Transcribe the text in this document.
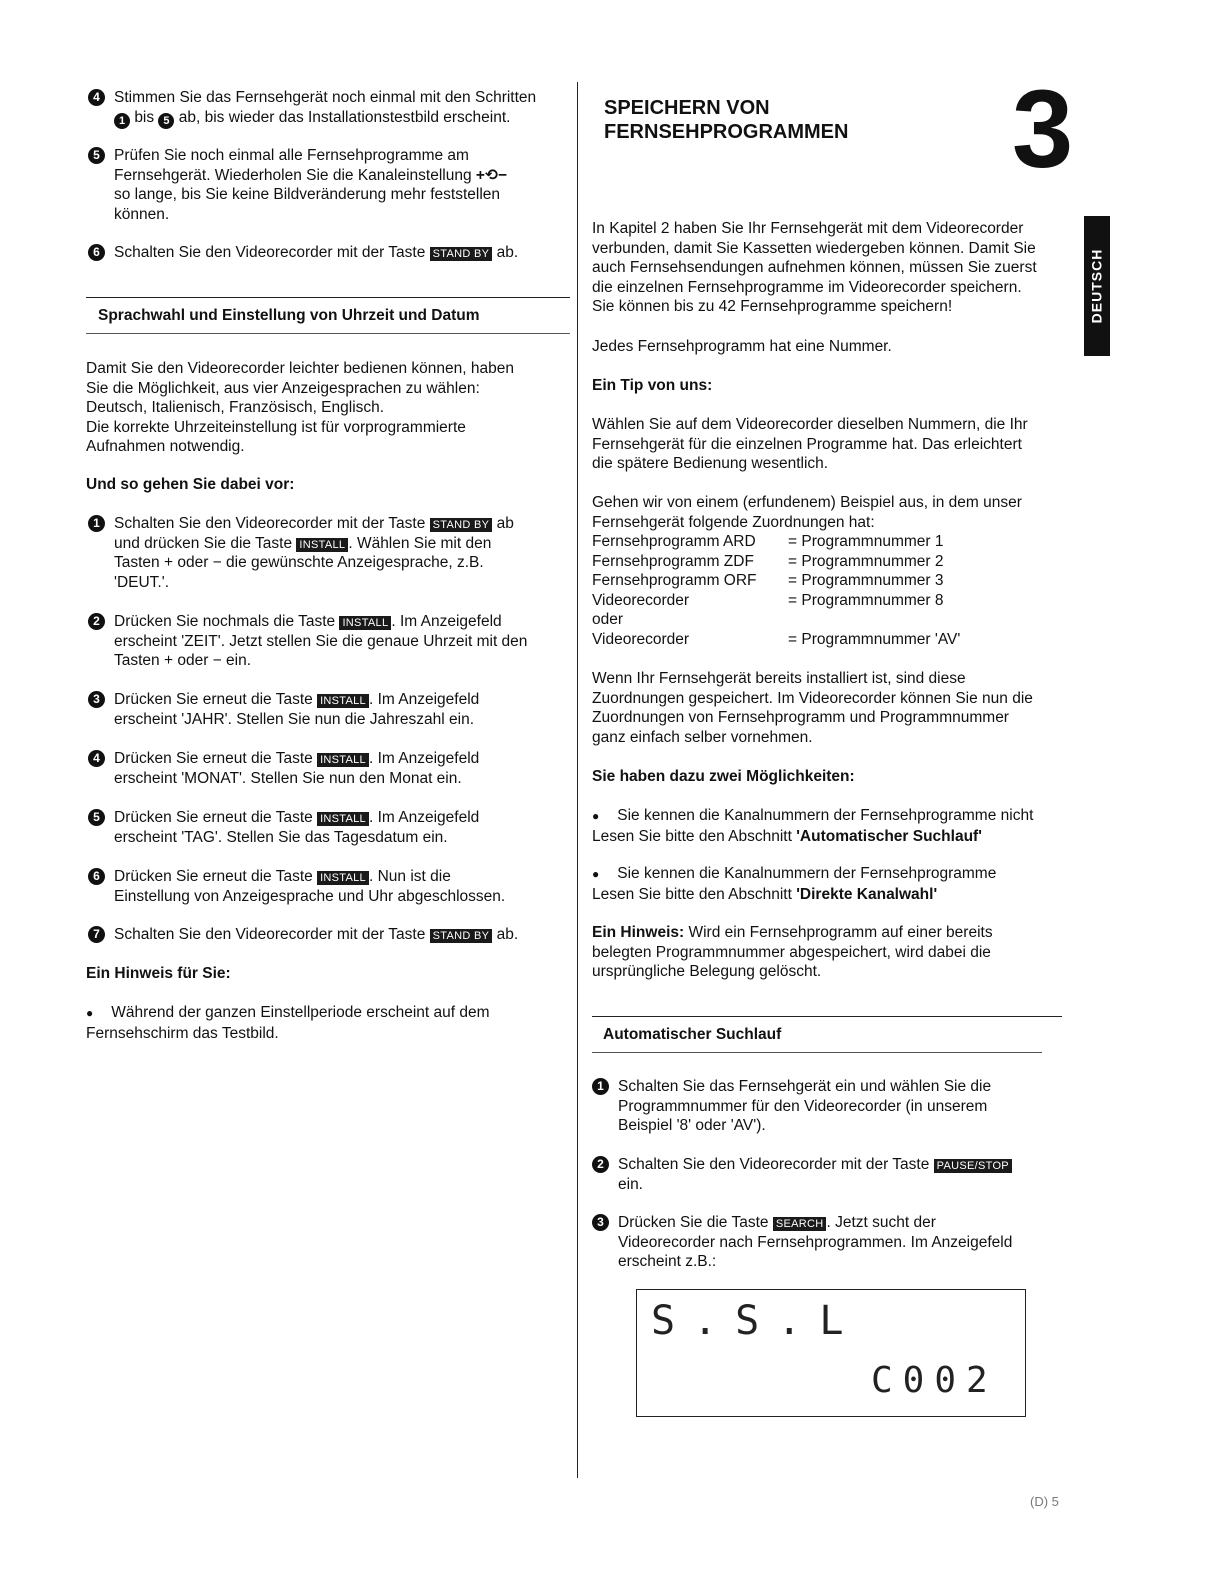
4 Stimmen Sie das Fernsehgerät noch einmal mit den Schritten

1 bis 5 ab, bis wieder das Installationstestbild erscheint.

5 Prüfen Sie noch einmal alle Fernsehprogramme am

Fernsehgerät. Wiederholen Sie die Kanaleinstellung +⟲−

so lange, bis Sie keine Bildveränderung mehr feststellen

können.

6 Schalten Sie den Videorecorder mit der Taste STAND BY ab.

Sprachwahl und Einstellung von Uhrzeit und Datum

Damit Sie den Videorecorder leichter bedienen können, haben

Sie die Möglichkeit, aus vier Anzeigesprachen zu wählen:

Deutsch, Italienisch, Französisch, Englisch.

Die korrekte Uhrzeiteinstellung ist für vorprogrammierte

Aufnahmen notwendig.

Und so gehen Sie dabei vor:
1 Schalten Sie den Videorecorder mit der Taste STAND BY ab

und drücken Sie die Taste INSTALL . Wählen Sie mit den

Tasten + oder − die gewünschte Anzeigesprache, z.B.

'DEUT.'.

2 Drücken Sie nochmals die Taste INSTALL . Im Anzeigefeld

erscheint 'ZEIT'. Jetzt stellen Sie die genaue Uhrzeit mit den

Tasten + oder − ein.

3 Drücken Sie erneut die Taste INSTALL . Im Anzeigefeld

erscheint 'JAHR'. Stellen Sie nun die Jahreszahl ein.

4 Drücken Sie erneut die Taste INSTALL . Im Anzeigefeld

erscheint 'MONAT'. Stellen Sie nun den Monat ein.

5 Drücken Sie erneut die Taste INSTALL . Im Anzeigefeld

erscheint 'TAG'. Stellen Sie das Tagesdatum ein.

6 Drücken Sie erneut die Taste INSTALL . Nun ist die

Einstellung von Anzeigesprache und Uhr abgeschlossen.

7 Schalten Sie den Videorecorder mit der Taste STAND BY ab.

Ein Hinweis für Sie:

● Während der ganzen Einstellperiode erscheint auf dem

Fernsehschirm das Testbild.

SPEICHERN VON

FERNSEHPROGRAMMEN 3
DEUTSCH

In Kapitel 2 haben Sie Ihr Fernsehgerät mit dem Videorecorder

verbunden, damit Sie Kassetten wiedergeben können. Damit Sie

auch Fernsehsendungen aufnehmen können, müssen Sie zuerst

die einzelnen Fernsehprogramme im Videorecorder speichern.

Sie können bis zu 42 Fernsehprogramme speichern!

Jedes Fernsehprogramm hat eine Nummer.
Ein Tip von uns:

Wählen Sie auf dem Videorecorder dieselben Nummern, die Ihr

Fernsehgerät für die einzelnen Programme hat. Das erleichtert

die spätere Bedienung wesentlich.

Gehen wir von einem (erfundenem) Beispiel aus, in dem unser

Fernsehgerät folgende Zuordnungen hat:

Fernsehprogramm ARD = Programmnummer 1
Fernsehprogramm ZDF = Programmnummer 2
Fernsehprogramm ORF = Programmnummer 3
Videorecorder	= Programmnummer 8
oder
Videorecorder	= Programmnummer 'AV'

Wenn Ihr Fernsehgerät bereits installiert ist, sind diese

Zuordnungen gespeichert. Im Videorecorder können Sie nun die

Zuordnungen von Fernsehprogramm und Programmnummer

ganz einfach selber vornehmen.

Sie haben dazu zwei Möglichkeiten:

● Sie kennen die Kanalnummern der Fernsehprogramme nicht

Lesen Sie bitte den Abschnitt 'Automatischer Suchlauf'

● Sie kennen die Kanalnummern der Fernsehprogramme

Lesen Sie bitte den Abschnitt 'Direkte Kanalwahl'

Ein Hinweis: Wird ein Fernsehprogramm auf einer bereits

belegten Programmnummer abgespeichert, wird dabei die

ursprüngliche Belegung gelöscht.

Automatischer Suchlauf
1 Schalten Sie das Fernsehgerät ein und wählen Sie die

Programmnummer für den Videorecorder (in unserem

Beispiel '8' oder 'AV').

2 Schalten Sie den Videorecorder mit der Taste PAUSE/STOP

ein.

3 Drücken Sie die Taste SEARCH . Jetzt sucht der

Videorecorder nach Fernsehprogrammen. Im Anzeigefeld

erscheint z.B.:

S.S.L
C002
(D) 5
